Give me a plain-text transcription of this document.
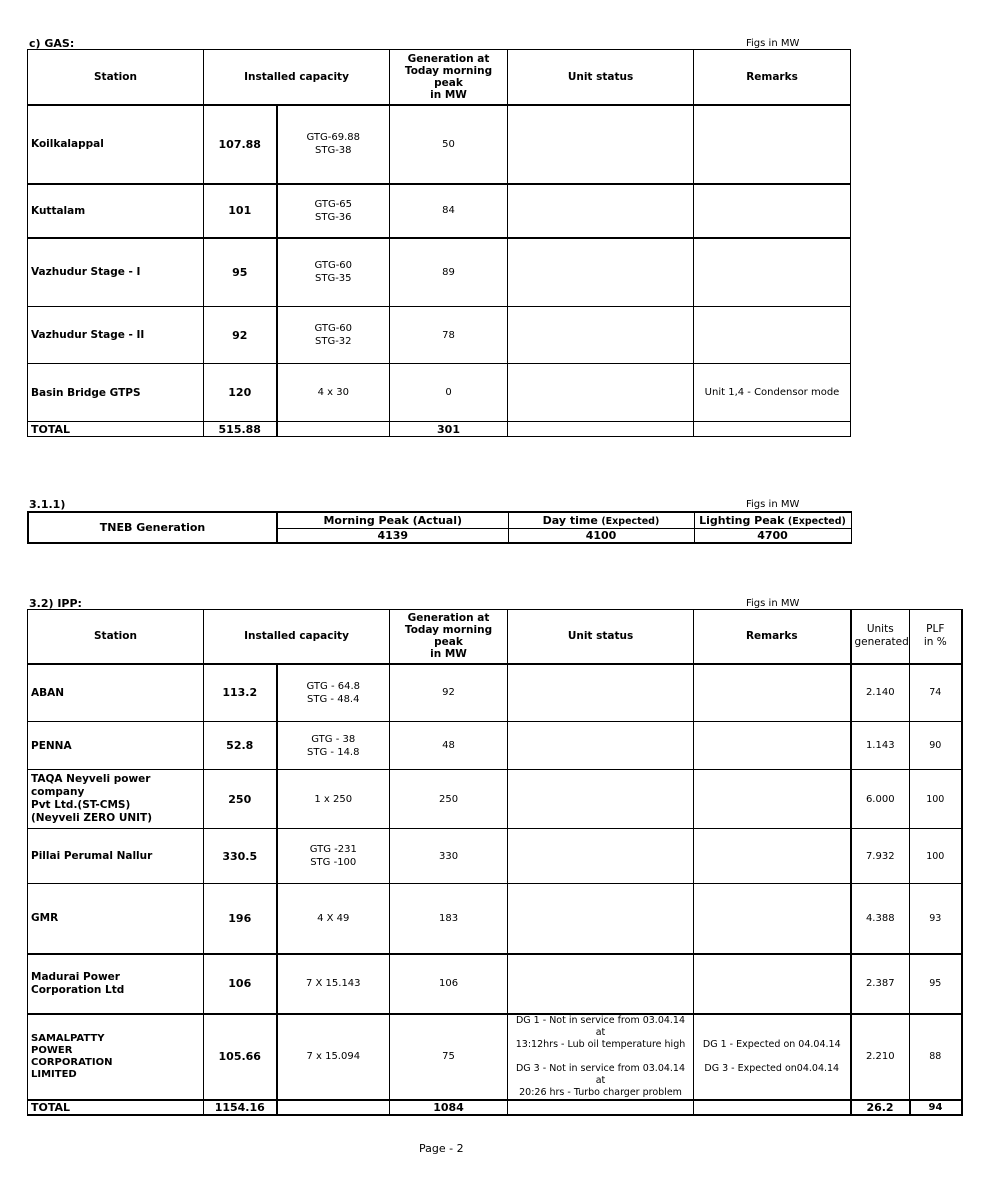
c) GAS:	Figs in MW
Station	Installed capacity		Generation at
Today morning
peak
in MW	Unit status	Remarks
Koilkalappal	107.88	GTG-69.88
STG-38	50		
Kuttalam	101	GTG-65
STG-36	84		
Vazhudur Stage - I	95	GTG-60
STG-35	89		
Vazhudur Stage - II	92	GTG-60
STG-32	78		
Basin Bridge GTPS	120	4 x 30	0		Unit 1,4 - Condensor mode
TOTAL	515.88		301		
3.1.1)	Figs in MW
TNEB Generation	Morning Peak (Actual)	Day time (Expected)	Lighting Peak (Expected)
	4139	4100	4700
3.2) IPP:	Figs in MW
Station	Installed capacity		Generation at
Today morning peak
in MW	Unit status	Remarks	Units
generated	PLF
in %
ABAN	113.2	GTG - 64.8
STG - 48.4	92			2.140	74
PENNA	52.8	GTG - 38
STG - 14.8	48			1.143	90
TAQA Neyveli power company
Pvt Ltd.(ST-CMS)
(Neyveli ZERO UNIT)	250	1 x 250	250			6.000	100
Pillai Perumal Nallur	330.5	GTG -231
STG -100	330			7.932	100
GMR	196	4 X 49	183			4.388	93
Madurai Power
Corporation Ltd	106	7 X 15.143	106			2.387	95
SAMALPATTY
POWER
CORPORATION
LIMITED	105.66	7 x 15.094	75	DG 1 - Not in service from 03.04.14 at
13:12hrs - Lub oil temperature high

DG 3 - Not in service from 03.04.14 at
20:26 hrs - Turbo charger problem	DG 1 - Expected on 04.04.14

DG 3 - Expected on04.04.14	2.210	88
TOTAL	1154.16		1084			26.2	94
Page - 2
